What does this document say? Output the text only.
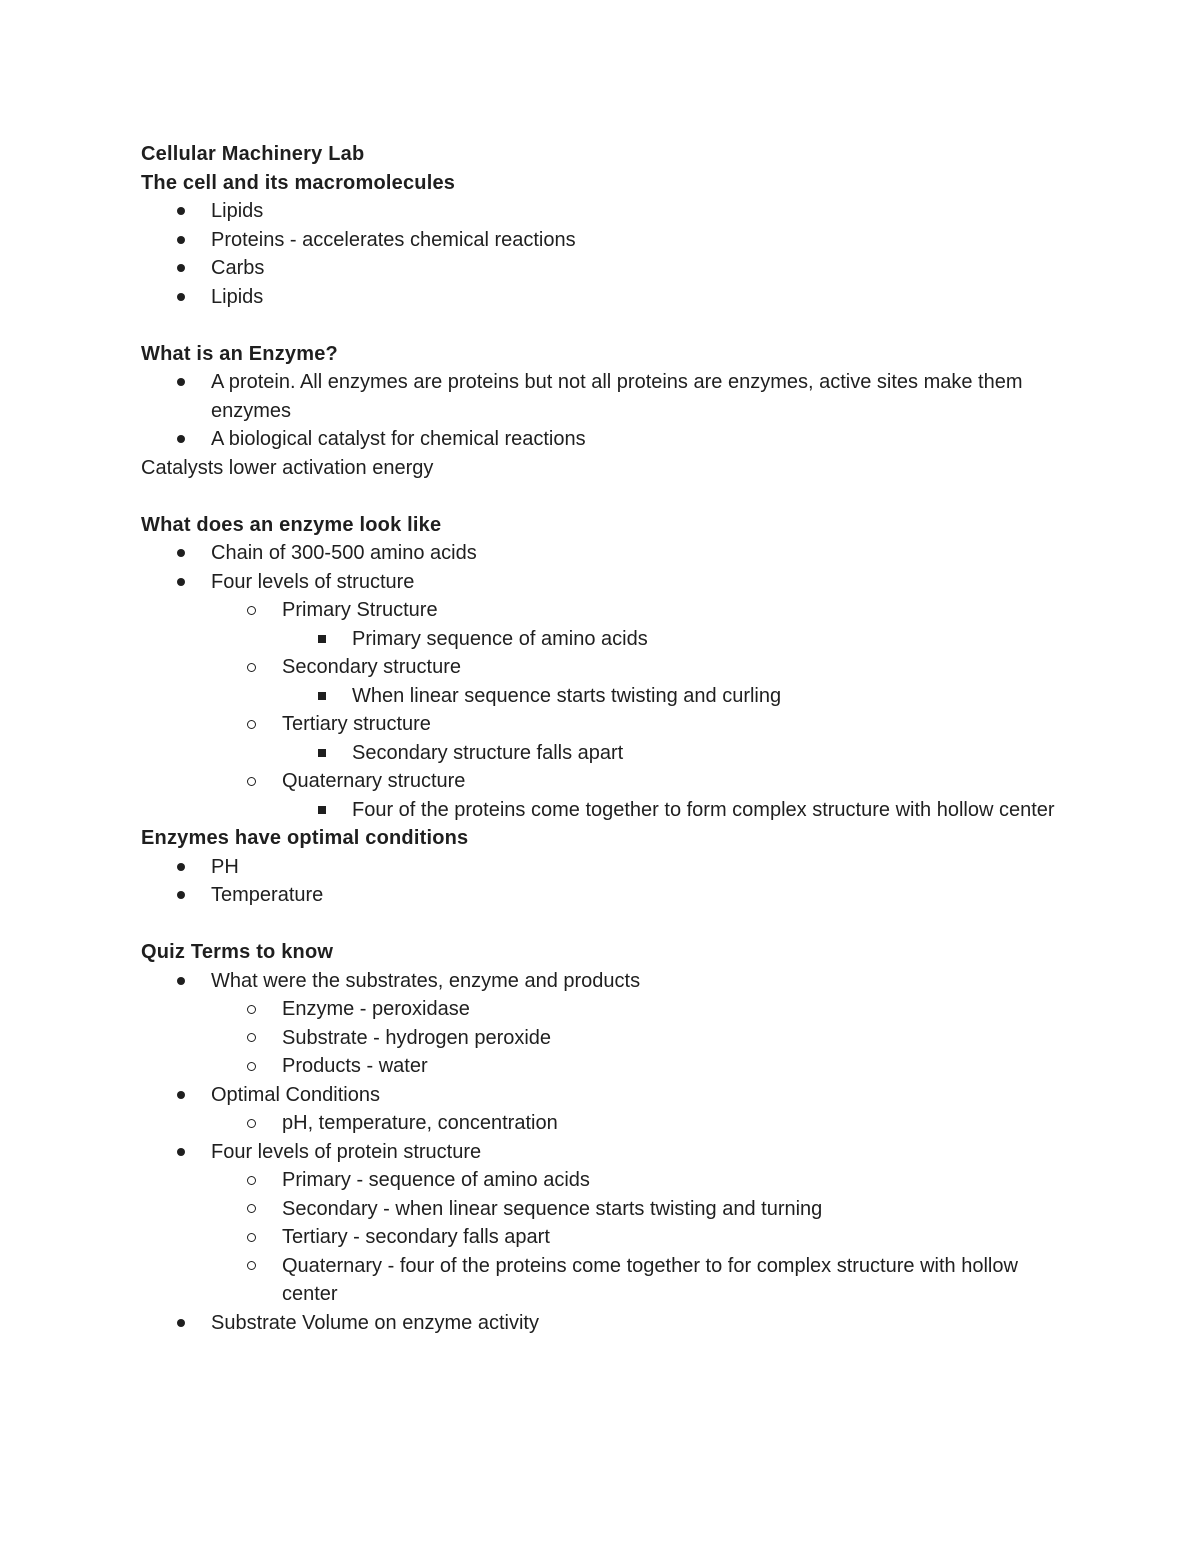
Cellular Machinery Lab
The cell and its macromolecules
Lipids
Proteins - accelerates chemical reactions
Carbs
Lipids
What is an Enzyme?
A protein. All enzymes are proteins but not all proteins are enzymes, active sites make them enzymes
A biological catalyst for chemical reactions
Catalysts lower activation energy
What does an enzyme look like
Chain of 300-500 amino acids
Four levels of structure
Primary Structure
Primary sequence of amino acids
Secondary structure
When linear sequence starts twisting and curling
Tertiary structure
Secondary structure falls apart
Quaternary structure
Four of the proteins come together to form complex structure with hollow center
Enzymes have optimal conditions
PH
Temperature
Quiz Terms to know
What were the substrates, enzyme and products
Enzyme - peroxidase
Substrate - hydrogen peroxide
Products - water
Optimal Conditions
pH, temperature, concentration
Four levels of protein structure
Primary - sequence of amino acids
Secondary - when linear sequence starts twisting and turning
Tertiary - secondary falls apart
Quaternary - four of the proteins come together to for complex structure with hollow center
Substrate Volume on enzyme activity
